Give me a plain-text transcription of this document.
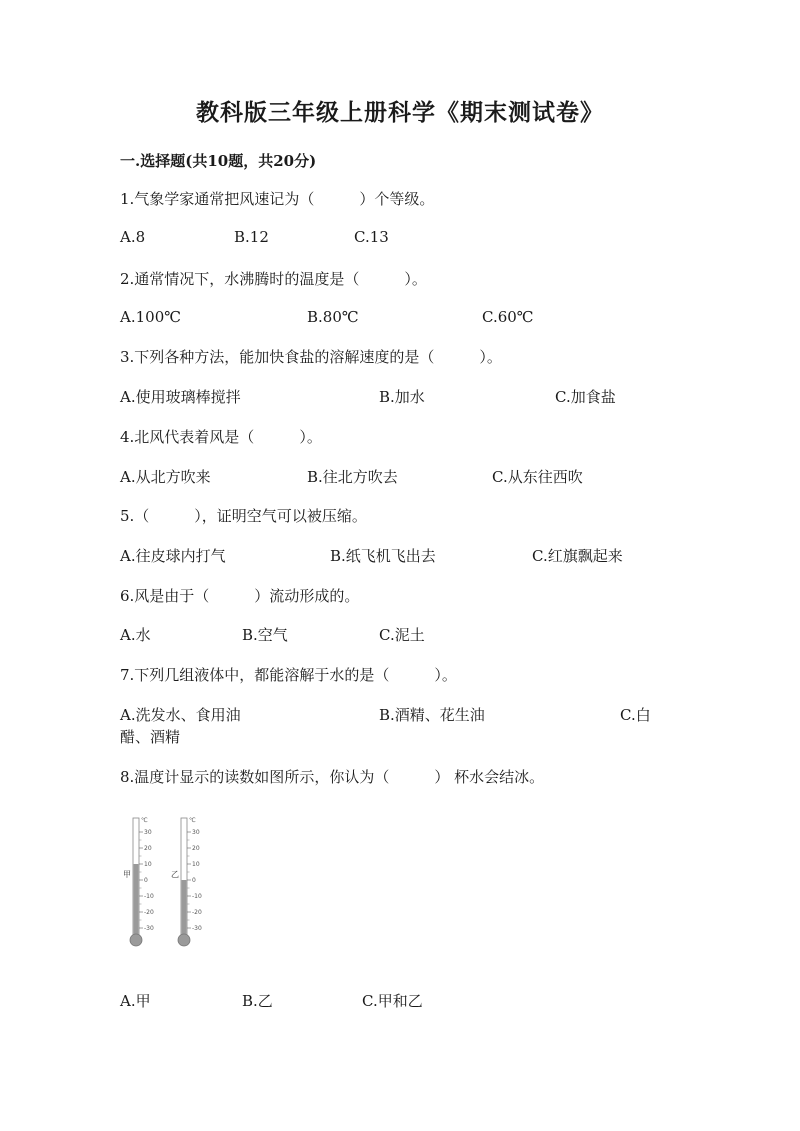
教科版三年级上册科学《期末测试卷》
一.选择题(共10题，共20分)
1.气象学家通常把风速记为（　　　）个等级。
A.8	B.12	C.13
2.通常情况下，水沸腾时的温度是（　　　）。
A.100℃	B.80℃	C.60℃
3.下列各种方法，能加快食盐的溶解速度的是（　　　）。
A.使用玻璃棒搅拌	B.加水	C.加食盐
4.北风代表着风是（　　　）。
A.从北方吹来	B.往北方吹去	C.从东往西吹
5.（　　　），证明空气可以被压缩。
A.往皮球内打气	B.纸飞机飞出去	C.红旗飘起来
6.风是由于（　　　）流动形成的。
A.水	B.空气	C.泥土
7.下列几组液体中，都能溶解于水的是（　　　）。
A.洗发水、食用油	B.酒精、花生油	C.白
醋、酒精
8.温度计显示的读数如图所示，你认为（　　　） 杯水会结冰。
℃
30
20
10
0
-10
-20
-30
甲
℃
30
20
10
0
-10
-20
-30
乙
A.甲	B.乙	C.甲和乙
